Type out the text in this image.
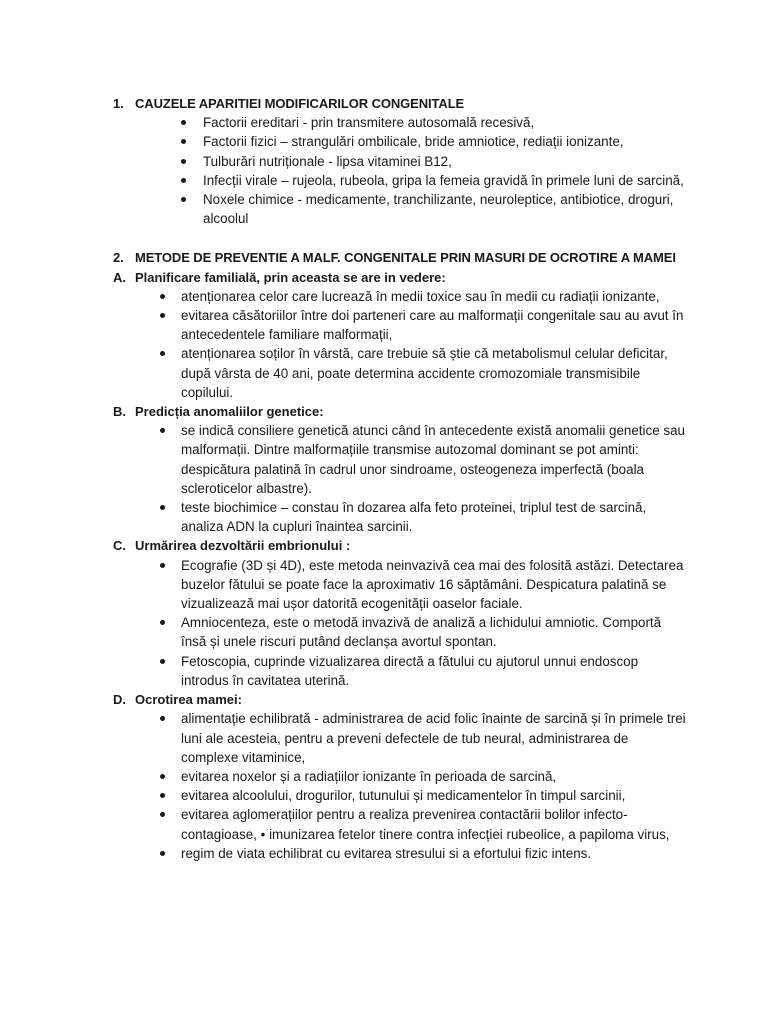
1. CAUZELE APARITIEI MODIFICARILOR CONGENITALE
Factorii ereditari - prin transmitere autosomală recesivă,
Factorii fizici – strangulări ombilicale, bride amniotice, rediații ionizante,
Tulburări nutriționale - lipsa vitaminei B12,
Infecții virale – rujeola, rubeola, gripa la femeia gravidă în primele luni de sarcină,
Noxele chimice - medicamente, tranchilizante, neuroleptice, antibiotice, droguri, alcoolul
2. METODE DE PREVENTIE A MALF. CONGENITALE PRIN MASURI DE OCROTIRE A MAMEI
A. Planificare familială, prin aceasta se are in vedere:
atenționarea celor care lucrează în medii toxice sau în medii cu radiații ionizante,
evitarea căsătoriilor între doi parteneri care au malformații congenitale sau au avut în antecedentele familiare malformații,
atenționarea soților în vârstă, care trebuie să știe că metabolismul celular deficitar, după vârsta de 40 ani, poate determina accidente cromozomiale transmisibile copilului.
B. Predicția anomaliilor genetice:
se indică consiliere genetică atunci când în antecedente există anomalii genetice sau malformații. Dintre malformațiile transmise autozomal dominant se pot aminti: despicătura palatină în cadrul unor sindroame, osteogeneza imperfectă (boala scleroticelor albastre).
teste biochimice – constau în dozarea alfa feto proteinei, triplul test de sarcină, analiza ADN la cupluri înaintea sarcinii.
C. Urmărirea dezvoltării embrionului :
Ecografie (3D și 4D), este metoda neinvazivă cea mai des folosită astăzi. Detectarea buzelor fătului se poate face la aproximativ 16 săptămâni. Despicatura palatină se vizualizează mai ușor datorită ecogenității oaselor faciale.
Amniocenteza, este o metodă invazivă de analiză a lichidului amniotic. Comportă însă și unele riscuri putând declanșa avortul spontan.
Fetoscopia, cuprinde vizualizarea directă a fătului cu ajutorul unnui endoscop introdus în cavitatea uterină.
D. Ocrotirea mamei:
alimentație echilibrată - administrarea de acid folic înainte de sarcină și în primele trei luni ale acesteia, pentru a preveni defectele de tub neural, administrarea de complexe vitaminice,
evitarea noxelor și a radiațiilor ionizante în perioada de sarcină,
evitarea alcoolului, drogurilor, tutunului și medicamentelor în timpul sarcinii,
evitarea aglomerațiilor pentru a realiza prevenirea contactării bolilor infecto-contagioase, • imunizarea fetelor tinere contra infecției rubeolice, a papiloma virus,
regim de viata echilibrat cu evitarea stresului si a efortului fizic intens.
